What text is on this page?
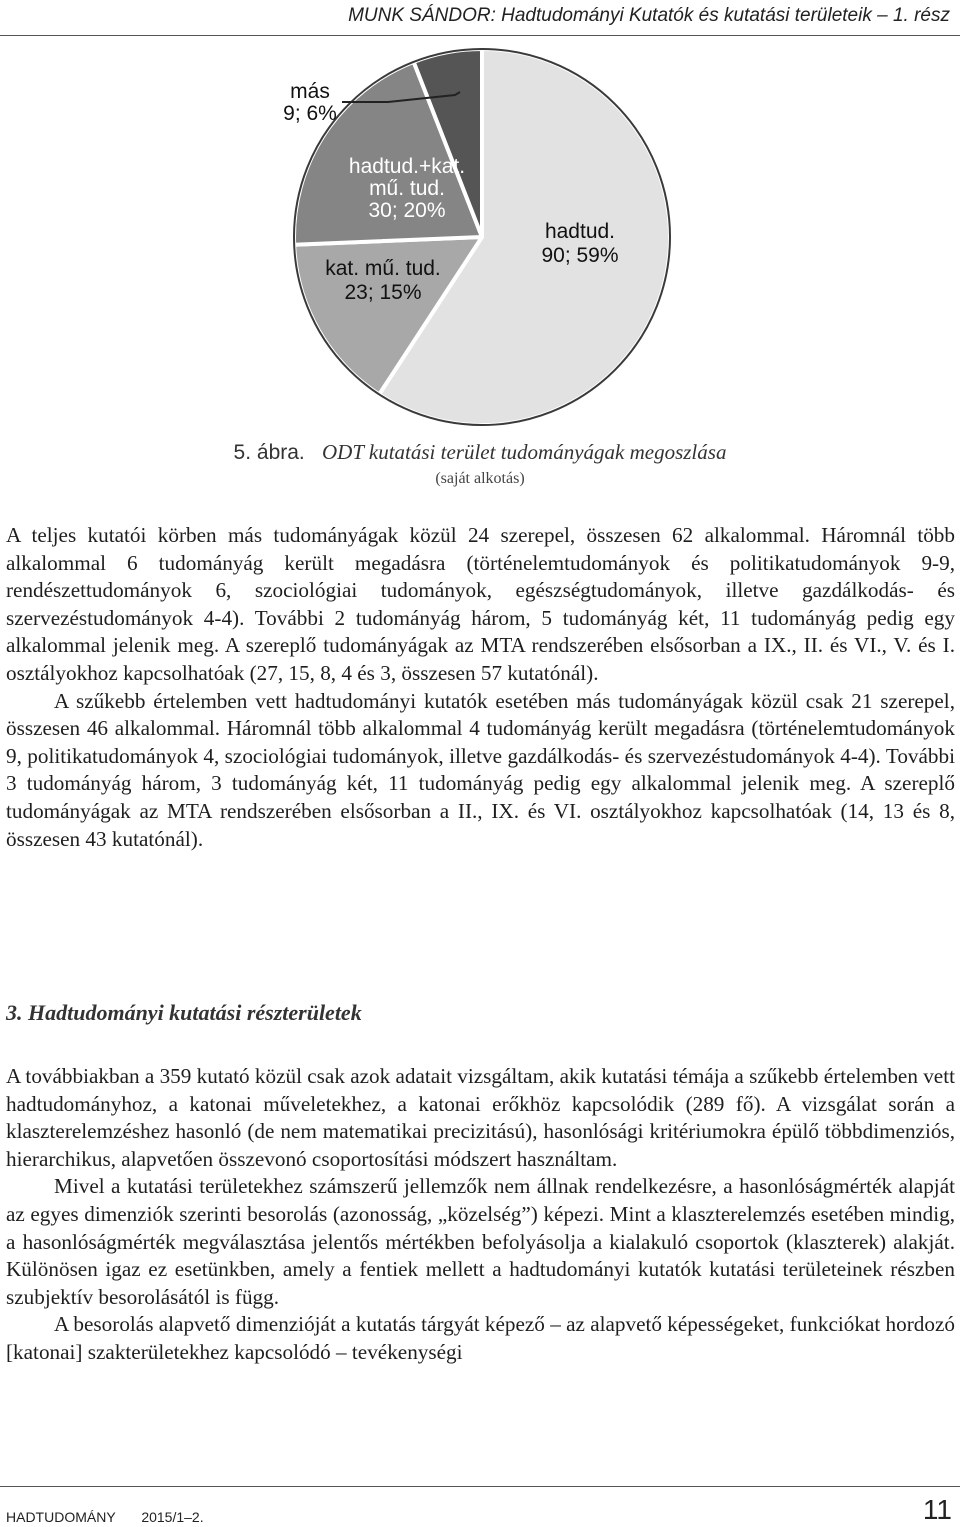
MUNK SÁNDOR: Hadtudományi Kutatók és kutatási területeik – 1. rész
hadtud. 90; 59%
kat. mű. tud. 23; 15%
hadtud.+kat. mű. tud. 30; 20%
más 9; 6%
5. ábra. ODT kutatási terület tudományágak megoszlása
(saját alkotás)

A teljes kutatói körben más tudományágak közül 24 szerepel, összesen 62 alkalommal. Háromnál több alkalommal 6 tudományág került megadásra (történelemtudományok és politikatudományok 9-9, rendészettudományok 6, szociológiai tudományok, egészségtudományok, illetve gazdálkodás- és szervezéstudományok 4-4). További 2 tudományág három, 5 tudományág két, 11 tudományág pedig egy alkalommal jelenik meg. A szereplő tudományágak az MTA rendszerében elsősorban a IX., II. és VI., V. és I. osztályokhoz kapcsolhatóak (27, 15, 8, 4 és 3, összesen 57 kutatónál).

A szűkebb értelemben vett hadtudományi kutatók esetében más tudományágak közül csak 21 szerepel, összesen 46 alkalommal. Háromnál több alkalommal 4 tudományág került megadásra (történelemtudományok 9, politikatudományok 4, szociológiai tudományok, illetve gazdálkodás- és szervezéstudományok 4-4). További 3 tudományág három, 3 tudományág két, 11 tudományág pedig egy alkalommal jelenik meg. A szereplő tudományágak az MTA rendszerében elsősorban a II., IX. és VI. osztályokhoz kapcsolhatóak (14, 13 és 8, összesen 43 kutatónál).

3. Hadtudományi kutatási részterületek

A továbbiakban a 359 kutató közül csak azok adatait vizsgáltam, akik kutatási témája a szűkebb értelemben vett hadtudományhoz, a katonai műveletekhez, a katonai erőkhöz kapcsolódik (289 fő). A vizsgálat során a klaszterelemzéshez hasonló (de nem matematikai precizitású), hasonlósági kritériumokra épülő többdimenziós, hierarchikus, alapvetően összevonó csoportosítási módszert használtam.

Mivel a kutatási területekhez számszerű jellemzők nem állnak rendelkezésre, a hasonlóságmérték alapját az egyes dimenziók szerinti besorolás (azonosság, „közelség”) képezi. Mint a klaszterelemzés esetében mindig, a hasonlóságmérték megválasztása jelentős mértékben befolyásolja a kialakuló csoportok (klaszterek) alakját. Különösen igaz ez esetünkben, amely a fentiek mellett a hadtudományi kutatók kutatási területeinek részben szubjektív besorolásától is függ.

A besorolás alapvető dimenzióját a kutatás tárgyát képező – az alapvető képességeket, funkciókat hordozó [katonai] szakterületekhez kapcsolódó – tevékenységi

HADTUDOMÁNY 2015/1–2.	11
